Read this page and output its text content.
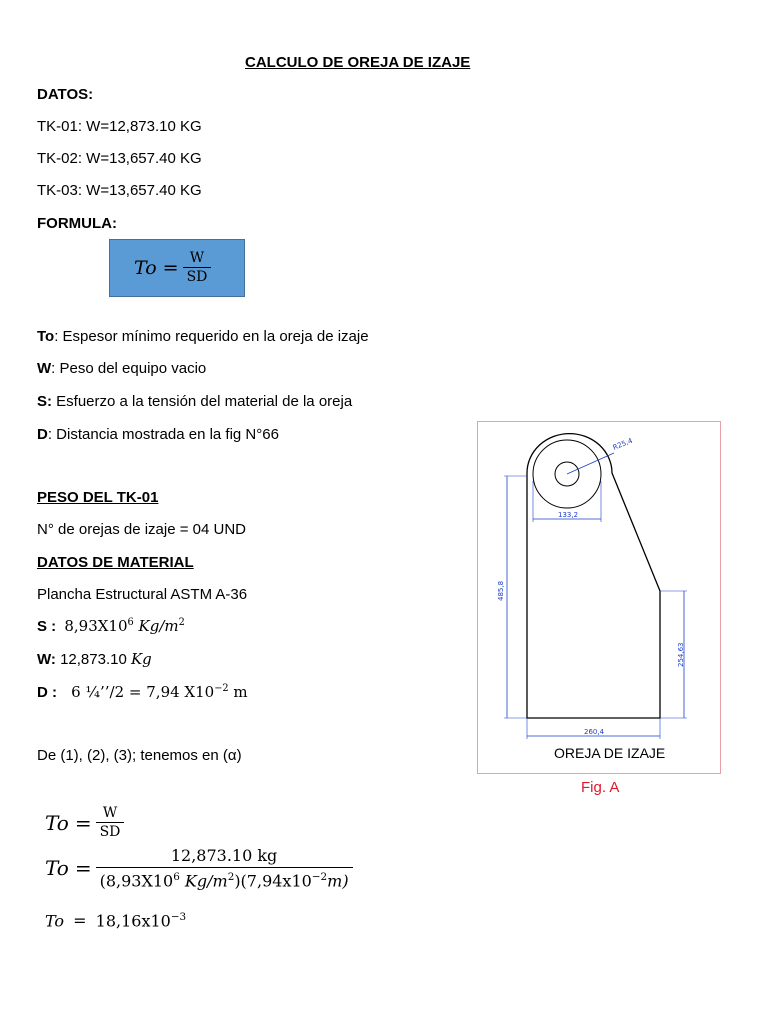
CALCULO DE OREJA DE IZAJE
DATOS:
TK-01: W=12,873.10 KG
TK-02: W=13,657.40 KG
TK-03: W=13,657.40 KG
FORMULA:
$To = \frac{W}{SD}$
To: Espesor mínimo requerido en la oreja de izaje
W: Peso del equipo vacio
S: Esfuerzo a la tensión del material de la oreja
D: Distancia mostrada en la fig N°66
PESO DEL TK-01
N° de orejas de izaje = 04 UND
DATOS DE MATERIAL
Plancha Estructural ASTM A-36
S : $8,93X10^6$ $Kg/m^2$
W: 12,873.10 Kg
D : 6 ¼’’/2 = 7,94 $X10^{-2}$ m
De (1), (2), (3); tenemos en (α)
$To = \frac{W}{SD}$
$To = \frac{12,873.10 kg}{(8,93X10^6 Kg/m^2)(7,94x10^{-2}m)}$
$To = 18,16x10^{-3}$
R25,4
133,2
485,8
254,63
260,4
OREJA DE IZAJE
Fig. A
